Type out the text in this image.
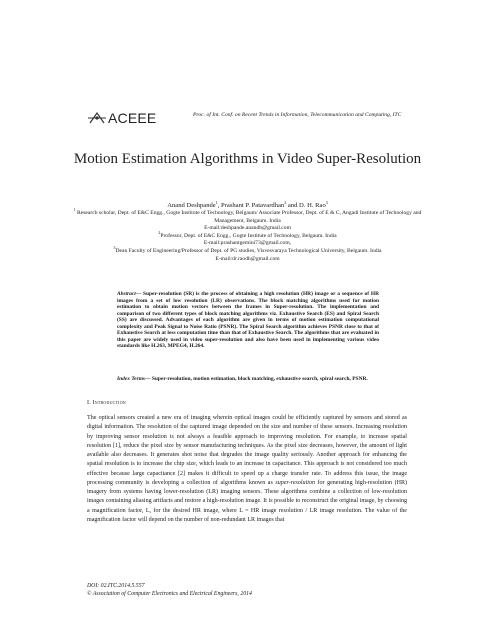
ACEEE	Proc. of Int. Conf. on Recent Trends in Information, Telecommunication and Computing, ITC
Motion Estimation Algorithms in Video Super-Resolution
Anand Deshpande$^1$, Prashant P. Patavardhan$^2$ and D. H. Rao$^3$
$^1$ Research scholar, Dept. of E&C Engg., Gogte Institute of Technology, Belgaum/ Associate Professor, Dept. of E & C, Angadi Institute of Technology and Management, Belgaum. India
E-mail:deshpande.anandb@gmail.com
$^2$Professor, Dept. of E&C Engg., Gogte Institute of Technology, Belgaum. India
E-mail:prashantgemini73@gmail.com,
$^3$Dean Faculty of Engineering/Professor of Dept. of PG studies, Visvesvaraya Technological University, Belgaum. India
E-mail:dr.raodh@gmail.com
Abstract— Super-resolution (SR) is the process of obtaining a high resolution (HR) image or a sequence of HR images from a set of low resolution (LR) observations. The block matching algorithms used for motion estimation to obtain motion vectors between the frames in Super-resolution. The implementation and comparison of two different types of block matching algorithms viz. Exhaustive Search (ES) and Spiral Search (SS) are discussed. Advantages of each algorithm are given in terms of motion estimation computational complexity and Peak Signal to Noise Ratio (PSNR). The Spiral Search algorithm achieves PSNR close to that of Exhaustive Search at less computation time than that of Exhaustive Search. The algorithms that are evaluated in this paper are widely used in video super-resolution and also have been used in implementing various video standards like H.263, MPEG4, H.264.
Index Terms— Super-resolution, motion estimation, block matching, exhaustive search, spiral search, PSNR.
I. Introduction
The optical sensors created a new era of imaging wherein optical images could be efficiently captured by sensors and stored as digital information. The resolution of the captured image depended on the size and number of these sensors. Increasing resolution by improving sensor resolution is not always a feasible approach to improving resolution. For example, to increase spatial resolution [1], reduce the pixel size by sensor manufacturing techniques. As the pixel size decreases, however, the amount of light available also decreases. It generates shot noise that degrades the image quality seriously. Another approach for enhancing the spatial resolution is to increase the chip size, which leads to an increase in capacitance. This approach is not considered too much effective because large capacitance [2] makes it difficult to speed up a charge transfer rate. To address this issue, the image processing community is developing a collection of algorithms known as super-resolution for generating high-resolution (HR) imagery from systems having lower-resolution (LR) imaging sensors. These algorithms combine a collection of low-resolution images containing aliasing artifacts and restore a high-resolution image. It is possible to reconstruct the original image, by choosing a magnification factor, L, for the desired HR image, where L = HR image resolution / LR image resolution. The value of the magnification factor will depend on the number of non-redundant LR images that
DOI: 02.ITC.2014.5.557
© Association of Computer Electronics and Electrical Engineers, 2014
